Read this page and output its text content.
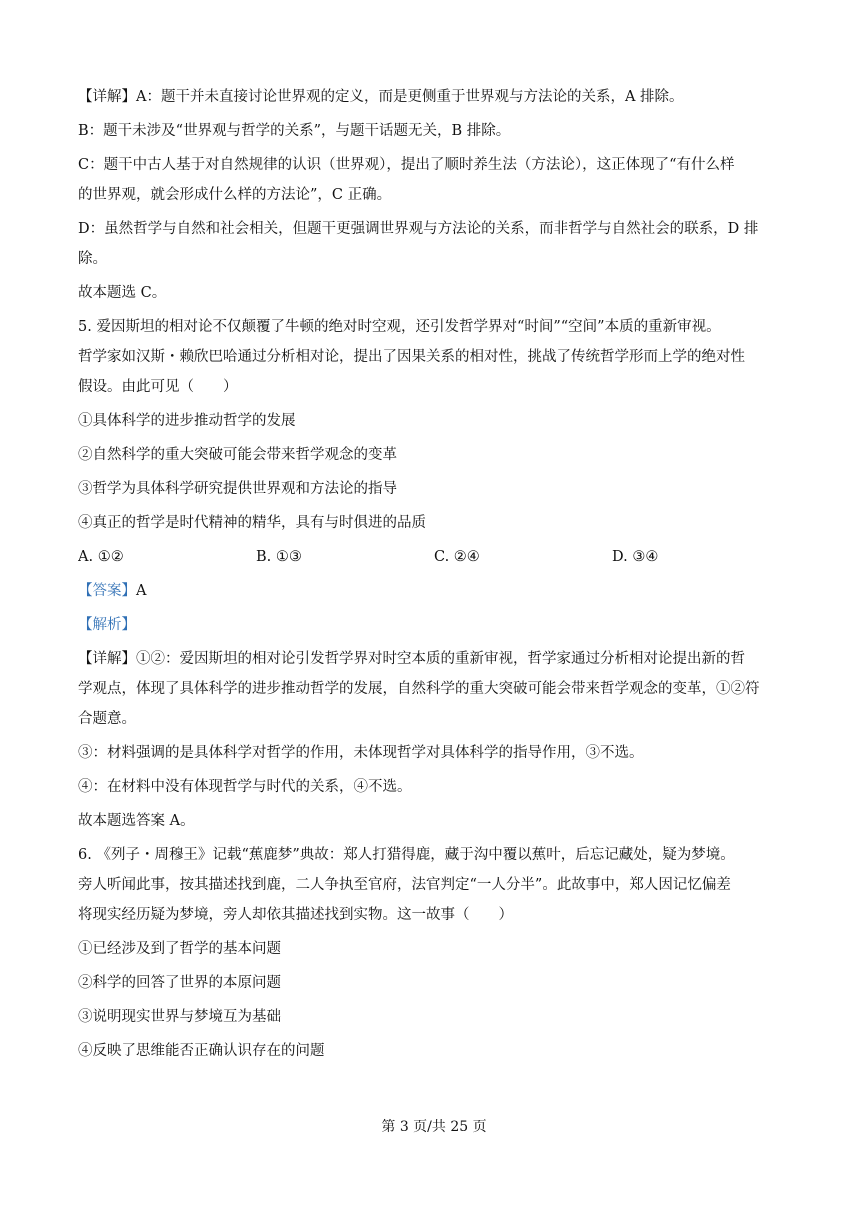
【详解】A：题干并未直接讨论世界观的定义，而是更侧重于世界观与方法论的关系，A 排除。
B：题干未涉及“世界观与哲学的关系”，与题干话题无关，B 排除。
C：题干中古人基于对自然规律的认识（世界观），提出了顺时养生法（方法论），这正体现了“有什么样
的世界观，就会形成什么样的方法论”，C 正确。
D：虽然哲学与自然和社会相关，但题干更强调世界观与方法论的关系，而非哲学与自然社会的联系，D 排
除。
故本题选 C。
5. 爱因斯坦的相对论不仅颠覆了牛顿的绝对时空观，还引发哲学界对“时间”“空间”本质的重新审视。
哲学家如汉斯・赖欣巴哈通过分析相对论，提出了因果关系的相对性，挑战了传统哲学形而上学的绝对性
假设。由此可见（　　）
①具体科学的进步推动哲学的发展
②自然科学的重大突破可能会带来哲学观念的变革
③哲学为具体科学研究提供世界观和方法论的指导
④真正的哲学是时代精神的精华，具有与时俱进的品质
A. ①②	B. ①③	C. ②④	D. ③④
【答案】A
【解析】
【详解】①②：爱因斯坦的相对论引发哲学界对时空本质的重新审视，哲学家通过分析相对论提出新的哲
学观点，体现了具体科学的进步推动哲学的发展，自然科学的重大突破可能会带来哲学观念的变革，①②符
合题意。
③：材料强调的是具体科学对哲学的作用，未体现哲学对具体科学的指导作用，③不选。
④：在材料中没有体现哲学与时代的关系，④不选。
故本题选答案 A。
6. 《列子・周穆王》记载“蕉鹿梦”典故：郑人打猎得鹿，藏于沟中覆以蕉叶，后忘记藏处，疑为梦境。
旁人听闻此事，按其描述找到鹿，二人争执至官府，法官判定“一人分半”。此故事中，郑人因记忆偏差
将现实经历疑为梦境，旁人却依其描述找到实物。这一故事（　　）
①已经涉及到了哲学的基本问题
②科学的回答了世界的本原问题
③说明现实世界与梦境互为基础
④反映了思维能否正确认识存在的问题
第 3 页/共 25 页
